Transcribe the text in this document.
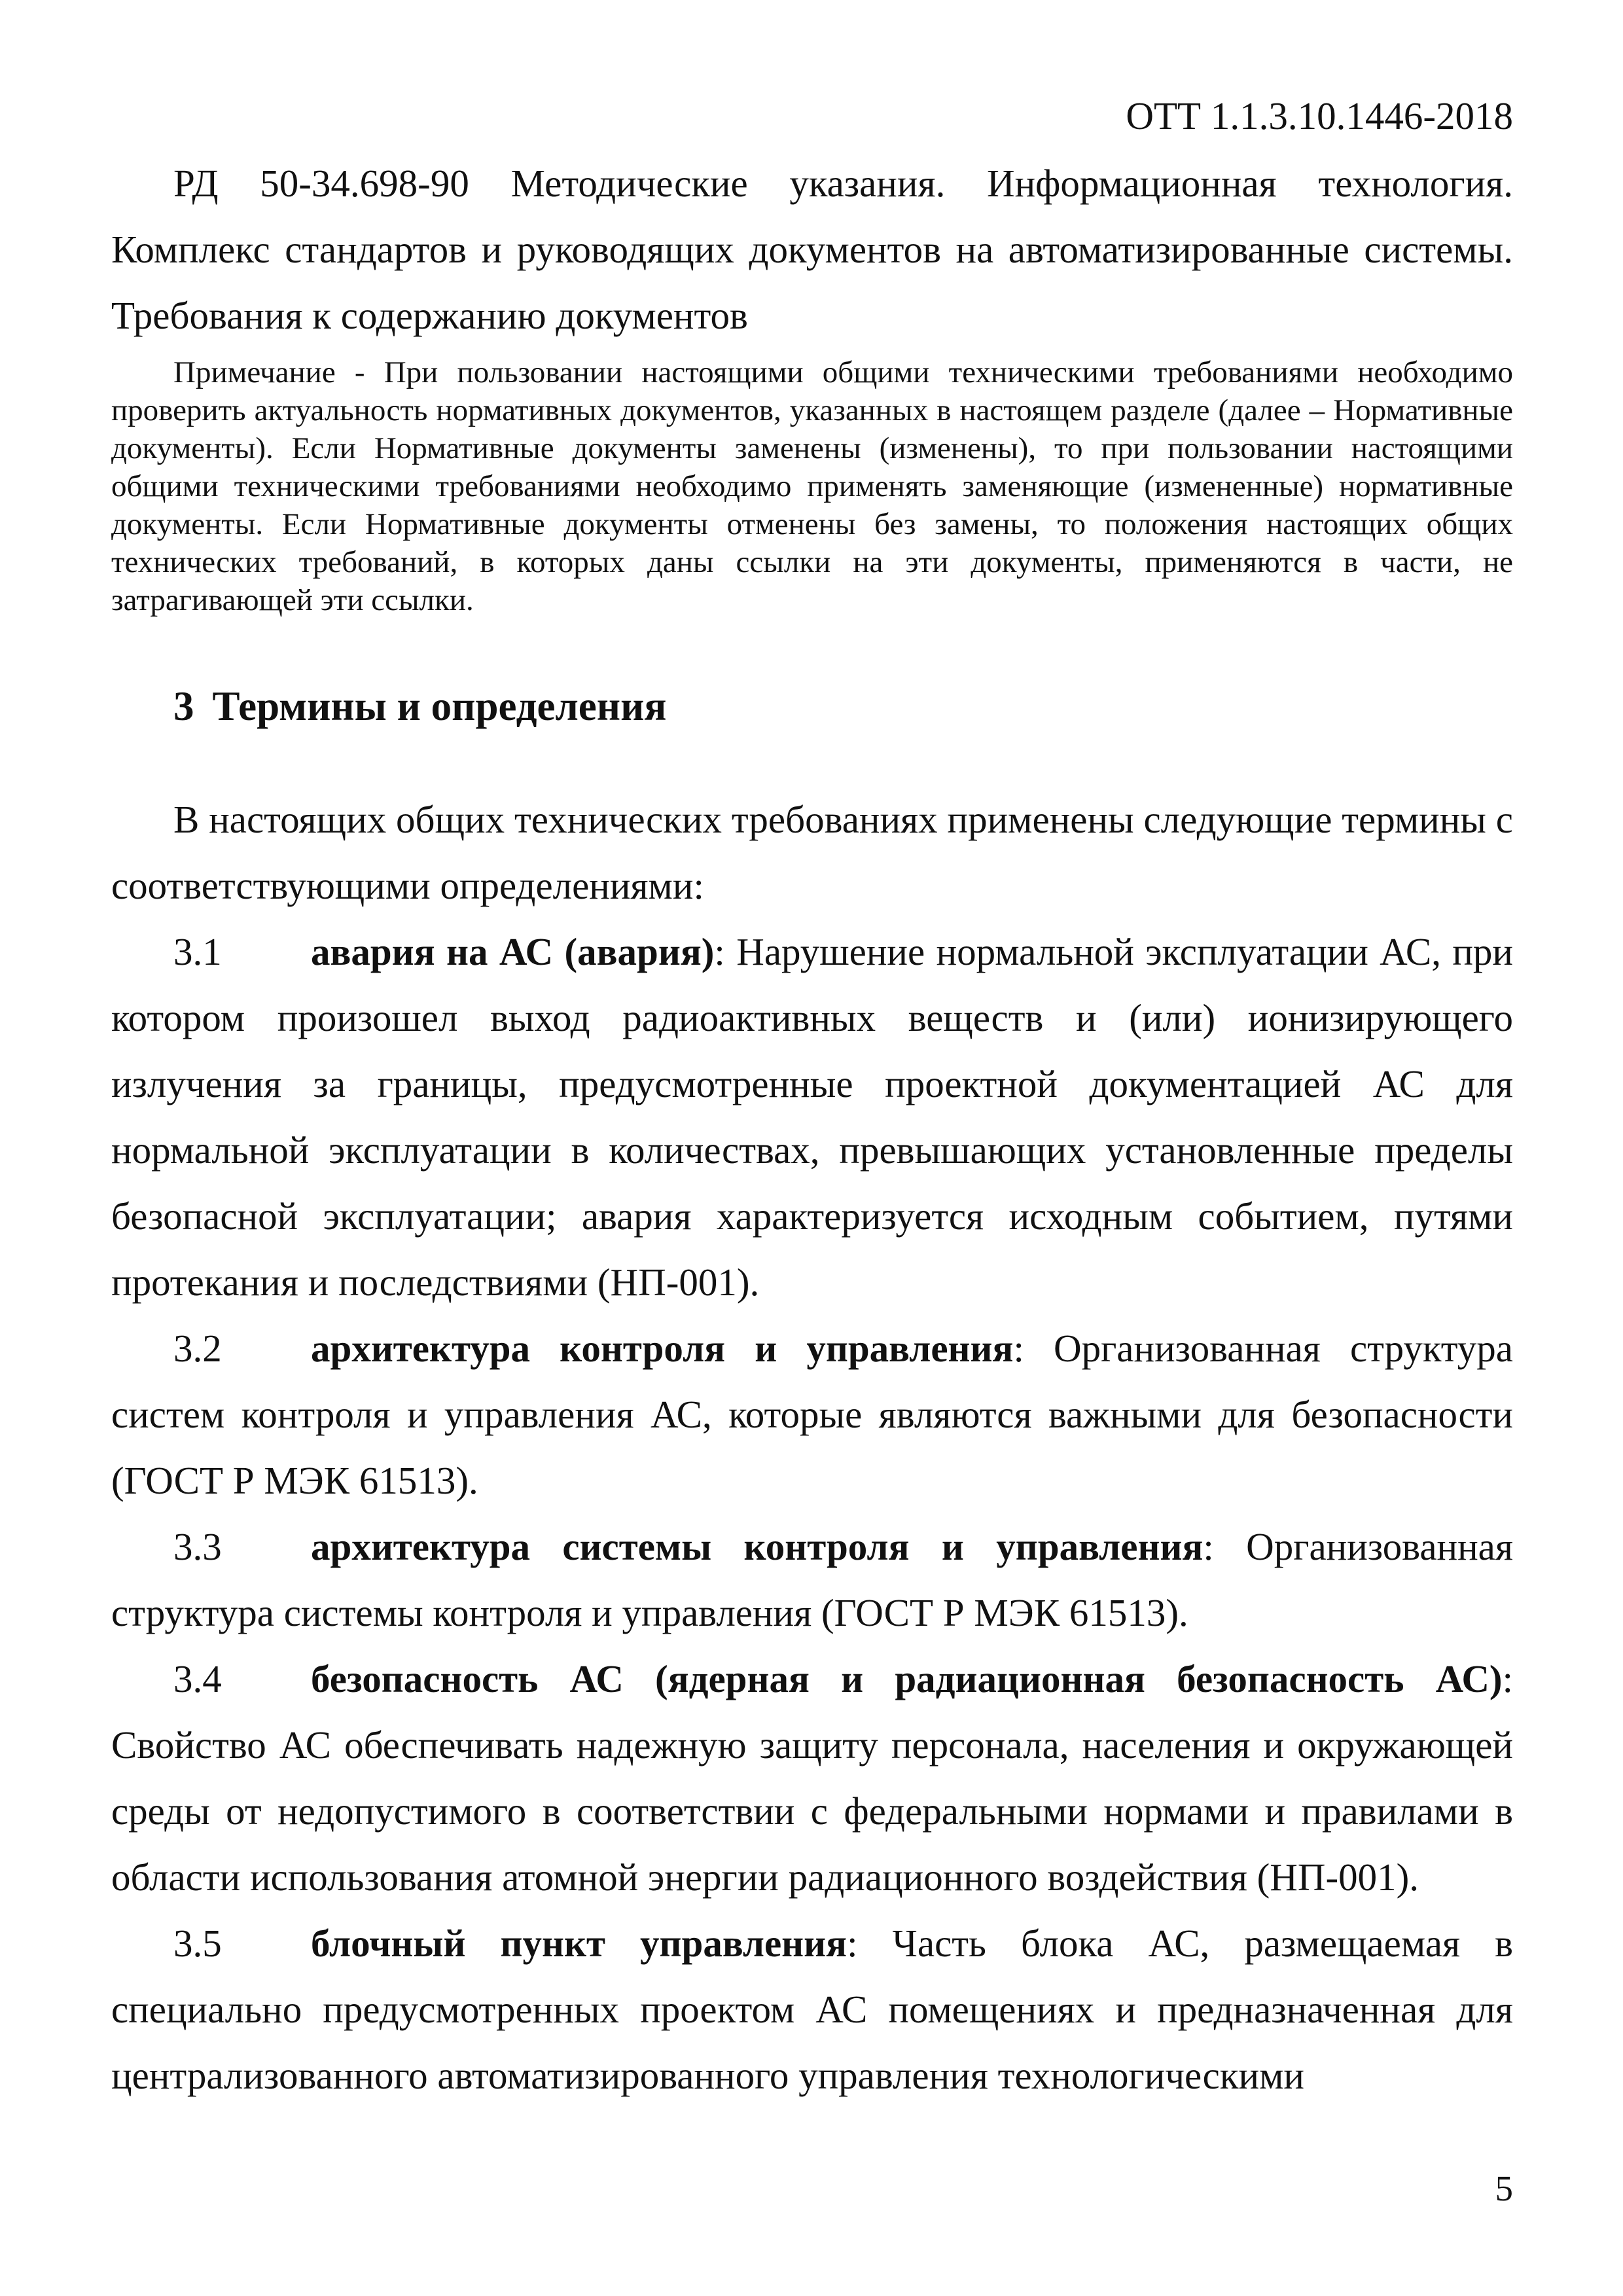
ОТТ 1.1.3.10.1446-2018
РД 50-34.698-90 Методические указания. Информационная технология. Комплекс стандартов и руководящих документов на автоматизированные системы. Требования к содержанию документов

Примечание - При пользовании настоящими общими техническими требованиями необходимо проверить актуальность нормативных документов, указанных в настоящем разделе (далее – Нормативные документы). Если Нормативные документы заменены (изменены), то при пользовании настоящими общими техническими требованиями необходимо применять заменяющие (измененные) нормативные документы. Если Нормативные документы отменены без замены, то положения настоящих общих технических требований, в которых даны ссылки на эти документы, применяются в части, не затрагивающей эти ссылки.

3 Термины и определения

В настоящих общих технических требованиях применены следующие термины с соответствующими определениями:

3.1 авария на АС (авария): Нарушение нормальной эксплуатации АС, при котором произошел выход радиоактивных веществ и (или) ионизирующего излучения за границы, предусмотренные проектной документацией АС для нормальной эксплуатации в количествах, превышающих установленные пределы безопасной эксплуатации; авария характеризуется исходным событием, путями протекания и последствиями (НП-001).

3.2 архитектура контроля и управления: Организованная структура систем контроля и управления АС, которые являются важными для безопасности (ГОСТ Р МЭК 61513).

3.3 архитектура системы контроля и управления: Организованная структура системы контроля и управления (ГОСТ Р МЭК 61513).

3.4 безопасность АС (ядерная и радиационная безопасность АС): Свойство АС обеспечивать надежную защиту персонала, населения и окружающей среды от недопустимого в соответствии с федеральными нормами и правилами в области использования атомной энергии радиационного воздействия (НП-001).

3.5 блочный пункт управления: Часть блока АС, размещаемая в специально предусмотренных проектом АС помещениях и предназначенная для централизованного автоматизированного управления технологическими

5
